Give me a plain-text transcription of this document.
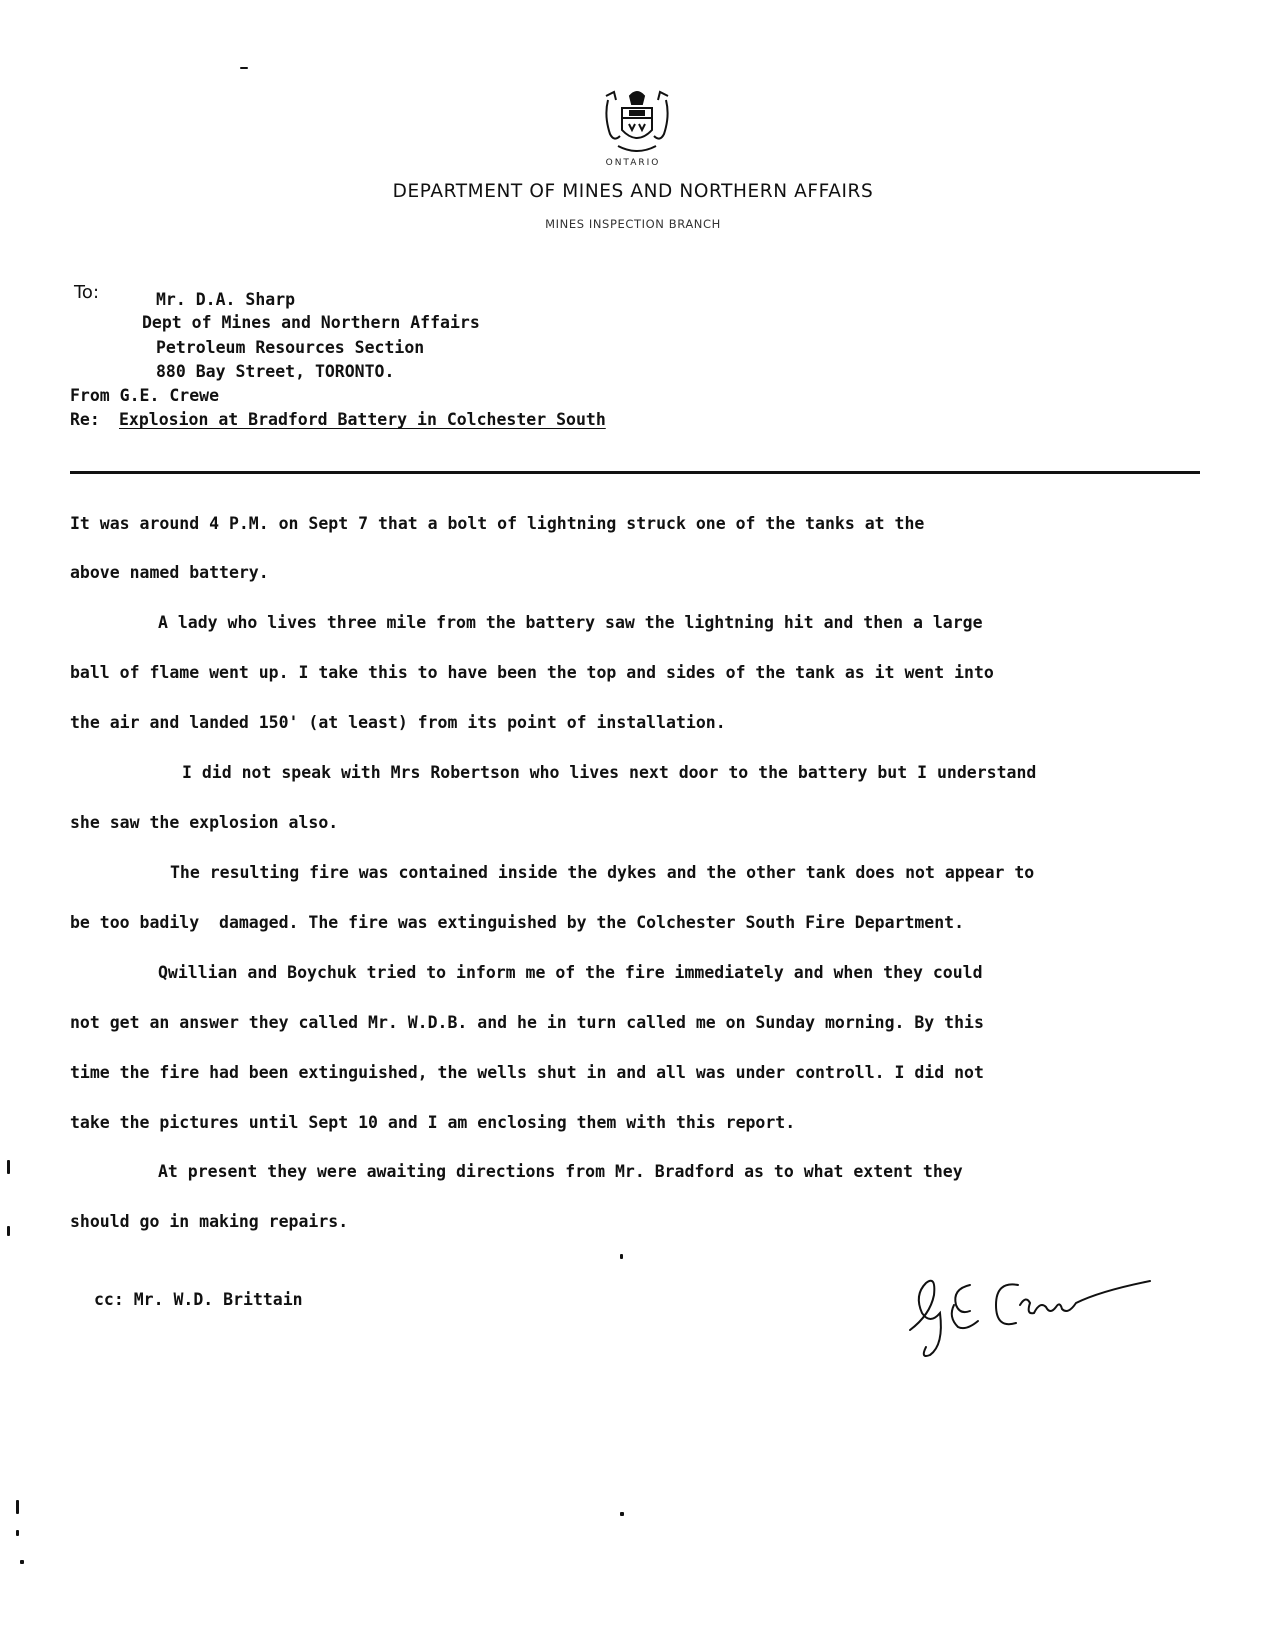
ONTARIO
DEPARTMENT OF MINES AND NORTHERN AFFAIRS
MINES INSPECTION BRANCH
To:	Mr. D.A. Sharp
Dept of Mines and Northern Affairs
Petroleum Resources Section
880 Bay Street, TORONTO.
From G.E. Crewe
Re: Explosion at Bradford Battery in Colchester South
It was around 4 P.M. on Sept 7 that a bolt of lightning struck one of the tanks at the
above named battery.
A lady who lives three mile from the battery saw the lightning hit and then a large
ball of flame went up. I take this to have been the top and sides of the tank as it went into
the air and landed 150' (at least) from its point of installation.
I did not speak with Mrs Robertson who lives next door to the battery but I understand
she saw the explosion also.
The resulting fire was contained inside the dykes and the other tank does not appear to
be too badily  damaged. The fire was extinguished by the Colchester South Fire Department.
Qwillian and Boychuk tried to inform me of the fire immediately and when they could
not get an answer they called Mr. W.D.B. and he in turn called me on Sunday morning. By this
time the fire had been extinguished, the wells shut in and all was under controll. I did not
take the pictures until Sept 10 and I am enclosing them with this report.
At present they were awaiting directions from Mr. Bradford as to what extent they
should go in making repairs.
cc: Mr. W.D. Brittain
